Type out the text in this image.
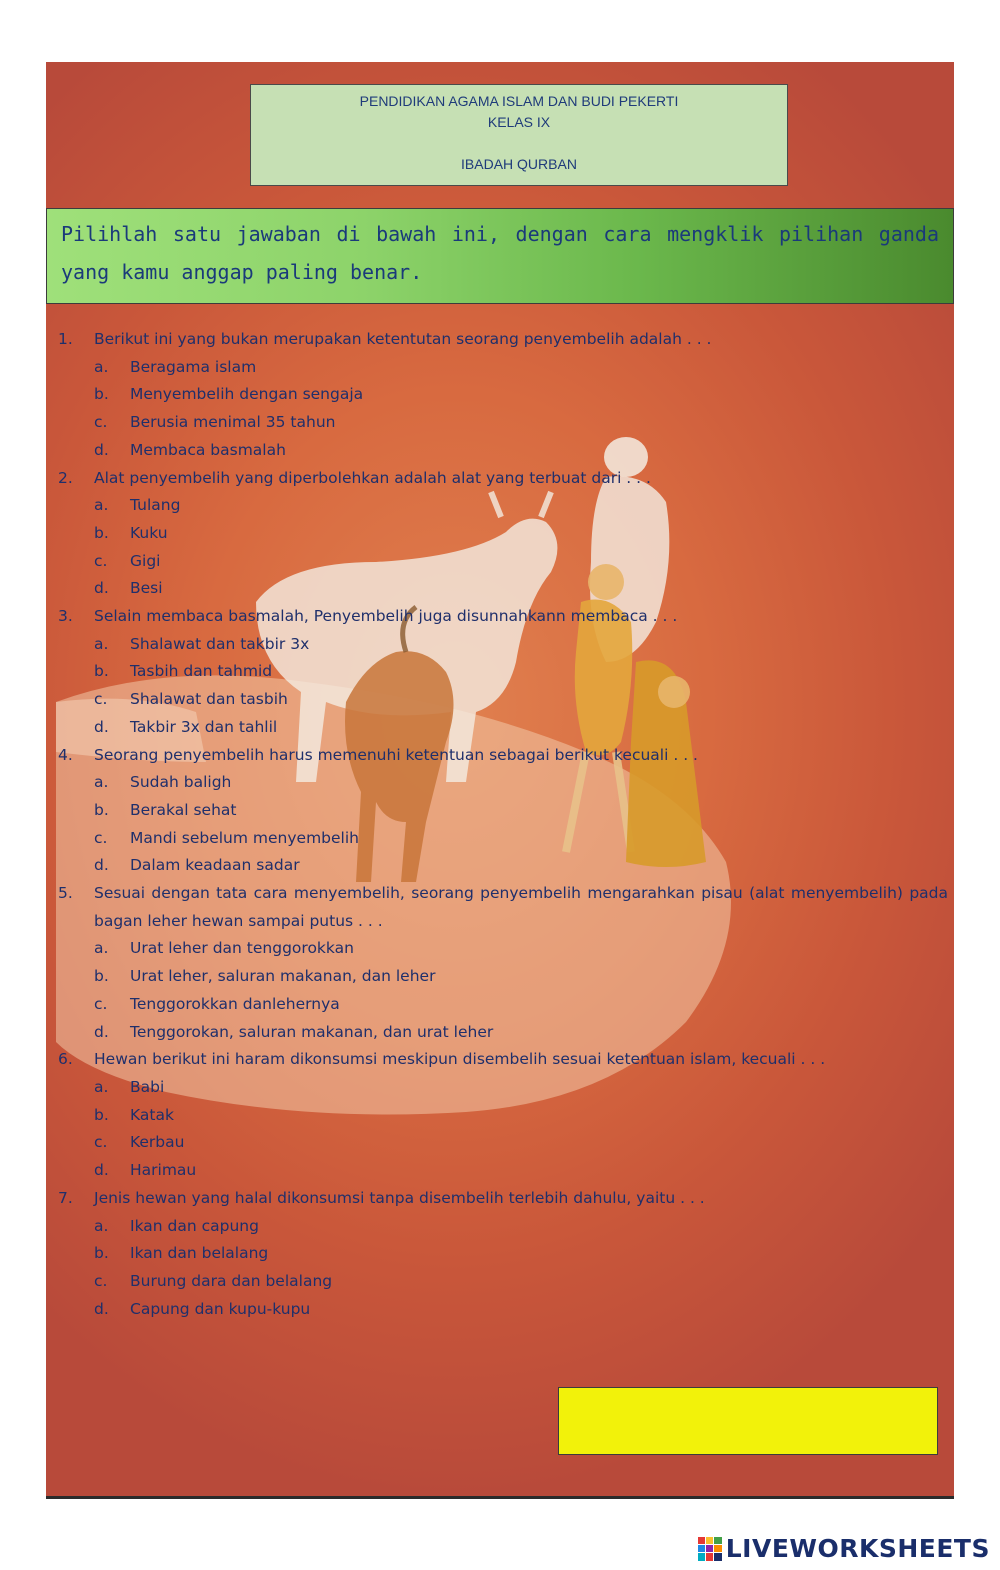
PENDIDIKAN AGAMA ISLAM DAN BUDI PEKERTI
KELAS IX
IBADAH QURBAN
Pilihlah satu jawaban di bawah ini, dengan cara mengklik pilihan ganda yang kamu anggap paling benar.
1. Berikut ini yang bukan merupakan ketentutan seorang penyembelih adalah . . .
a. Beragama islam
b. Menyembelih dengan sengaja
c. Berusia menimal 35 tahun
d. Membaca basmalah
2. Alat penyembelih yang diperbolehkan adalah alat yang terbuat dari . . .
a. Tulang
b. Kuku
c. Gigi
d. Besi
3. Selain membaca basmalah, Penyembelih juga disunnahkann membaca . . .
a. Shalawat dan takbir 3x
b. Tasbih dan tahmid
c. Shalawat dan tasbih
d. Takbir 3x dan tahlil
4. Seorang penyembelih harus memenuhi ketentuan sebagai berikut kecuali . . .
a. Sudah baligh
b. Berakal sehat
c. Mandi sebelum menyembelih
d. Dalam keadaan sadar
5. Sesuai dengan tata cara menyembelih, seorang penyembelih mengarahkan pisau (alat menyembelih) pada bagan leher hewan sampai putus . . .
a. Urat leher dan tenggorokkan
b. Urat leher, saluran makanan, dan leher
c. Tenggorokkan danlehernya
d. Tenggorokan, saluran makanan, dan urat leher
6. Hewan berikut ini haram dikonsumsi meskipun disembelih sesuai ketentuan islam, kecuali . . .
a. Babi
b. Katak
c. Kerbau
d. Harimau
7. Jenis hewan yang halal dikonsumsi tanpa disembelih terlebih dahulu, yaitu . . .
a. Ikan dan capung
b. Ikan dan belalang
c. Burung dara dan belalang
d. Capung dan kupu-kupu
LIVEWORKSHEETS
